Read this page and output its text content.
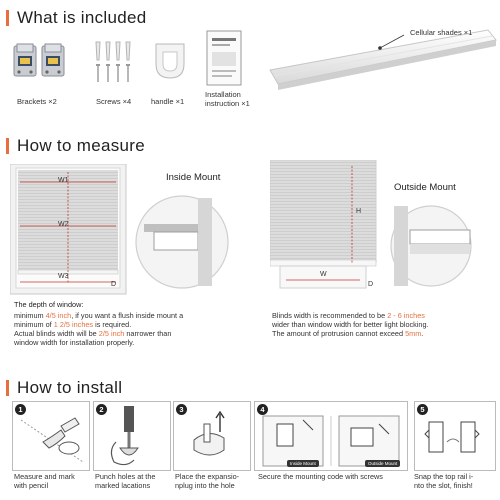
What is included
Brackets ×2	Screws ×4	handle ×1
Installation
instruction ×1
Cellular shades ×1
How to measure
W1
W2
W3
D
Inside Mount
H
W
D
Outside Mount
The depth of window:
minimum 4/5 inch, if you want a flush inside mount a
minimum of 1 2/5 inches is required.
Actual blinds width will be 2/5 inch narrower than
window width for installation properly.
Blinds width is recommended to be 2 - 6 inches
wider than window width for better light blocking.
The amount of protrusion cannot exceed 5mm.
How to install
1
Measure and mark
with pencil
2
Punch holes at the
marked lacations
3
Place the expansio-
nplug into the hole
4
Inside Mount	Outside Mount
Secure the mounting code with screws
5
Snap the top rail i-
nto the slot, finish!
